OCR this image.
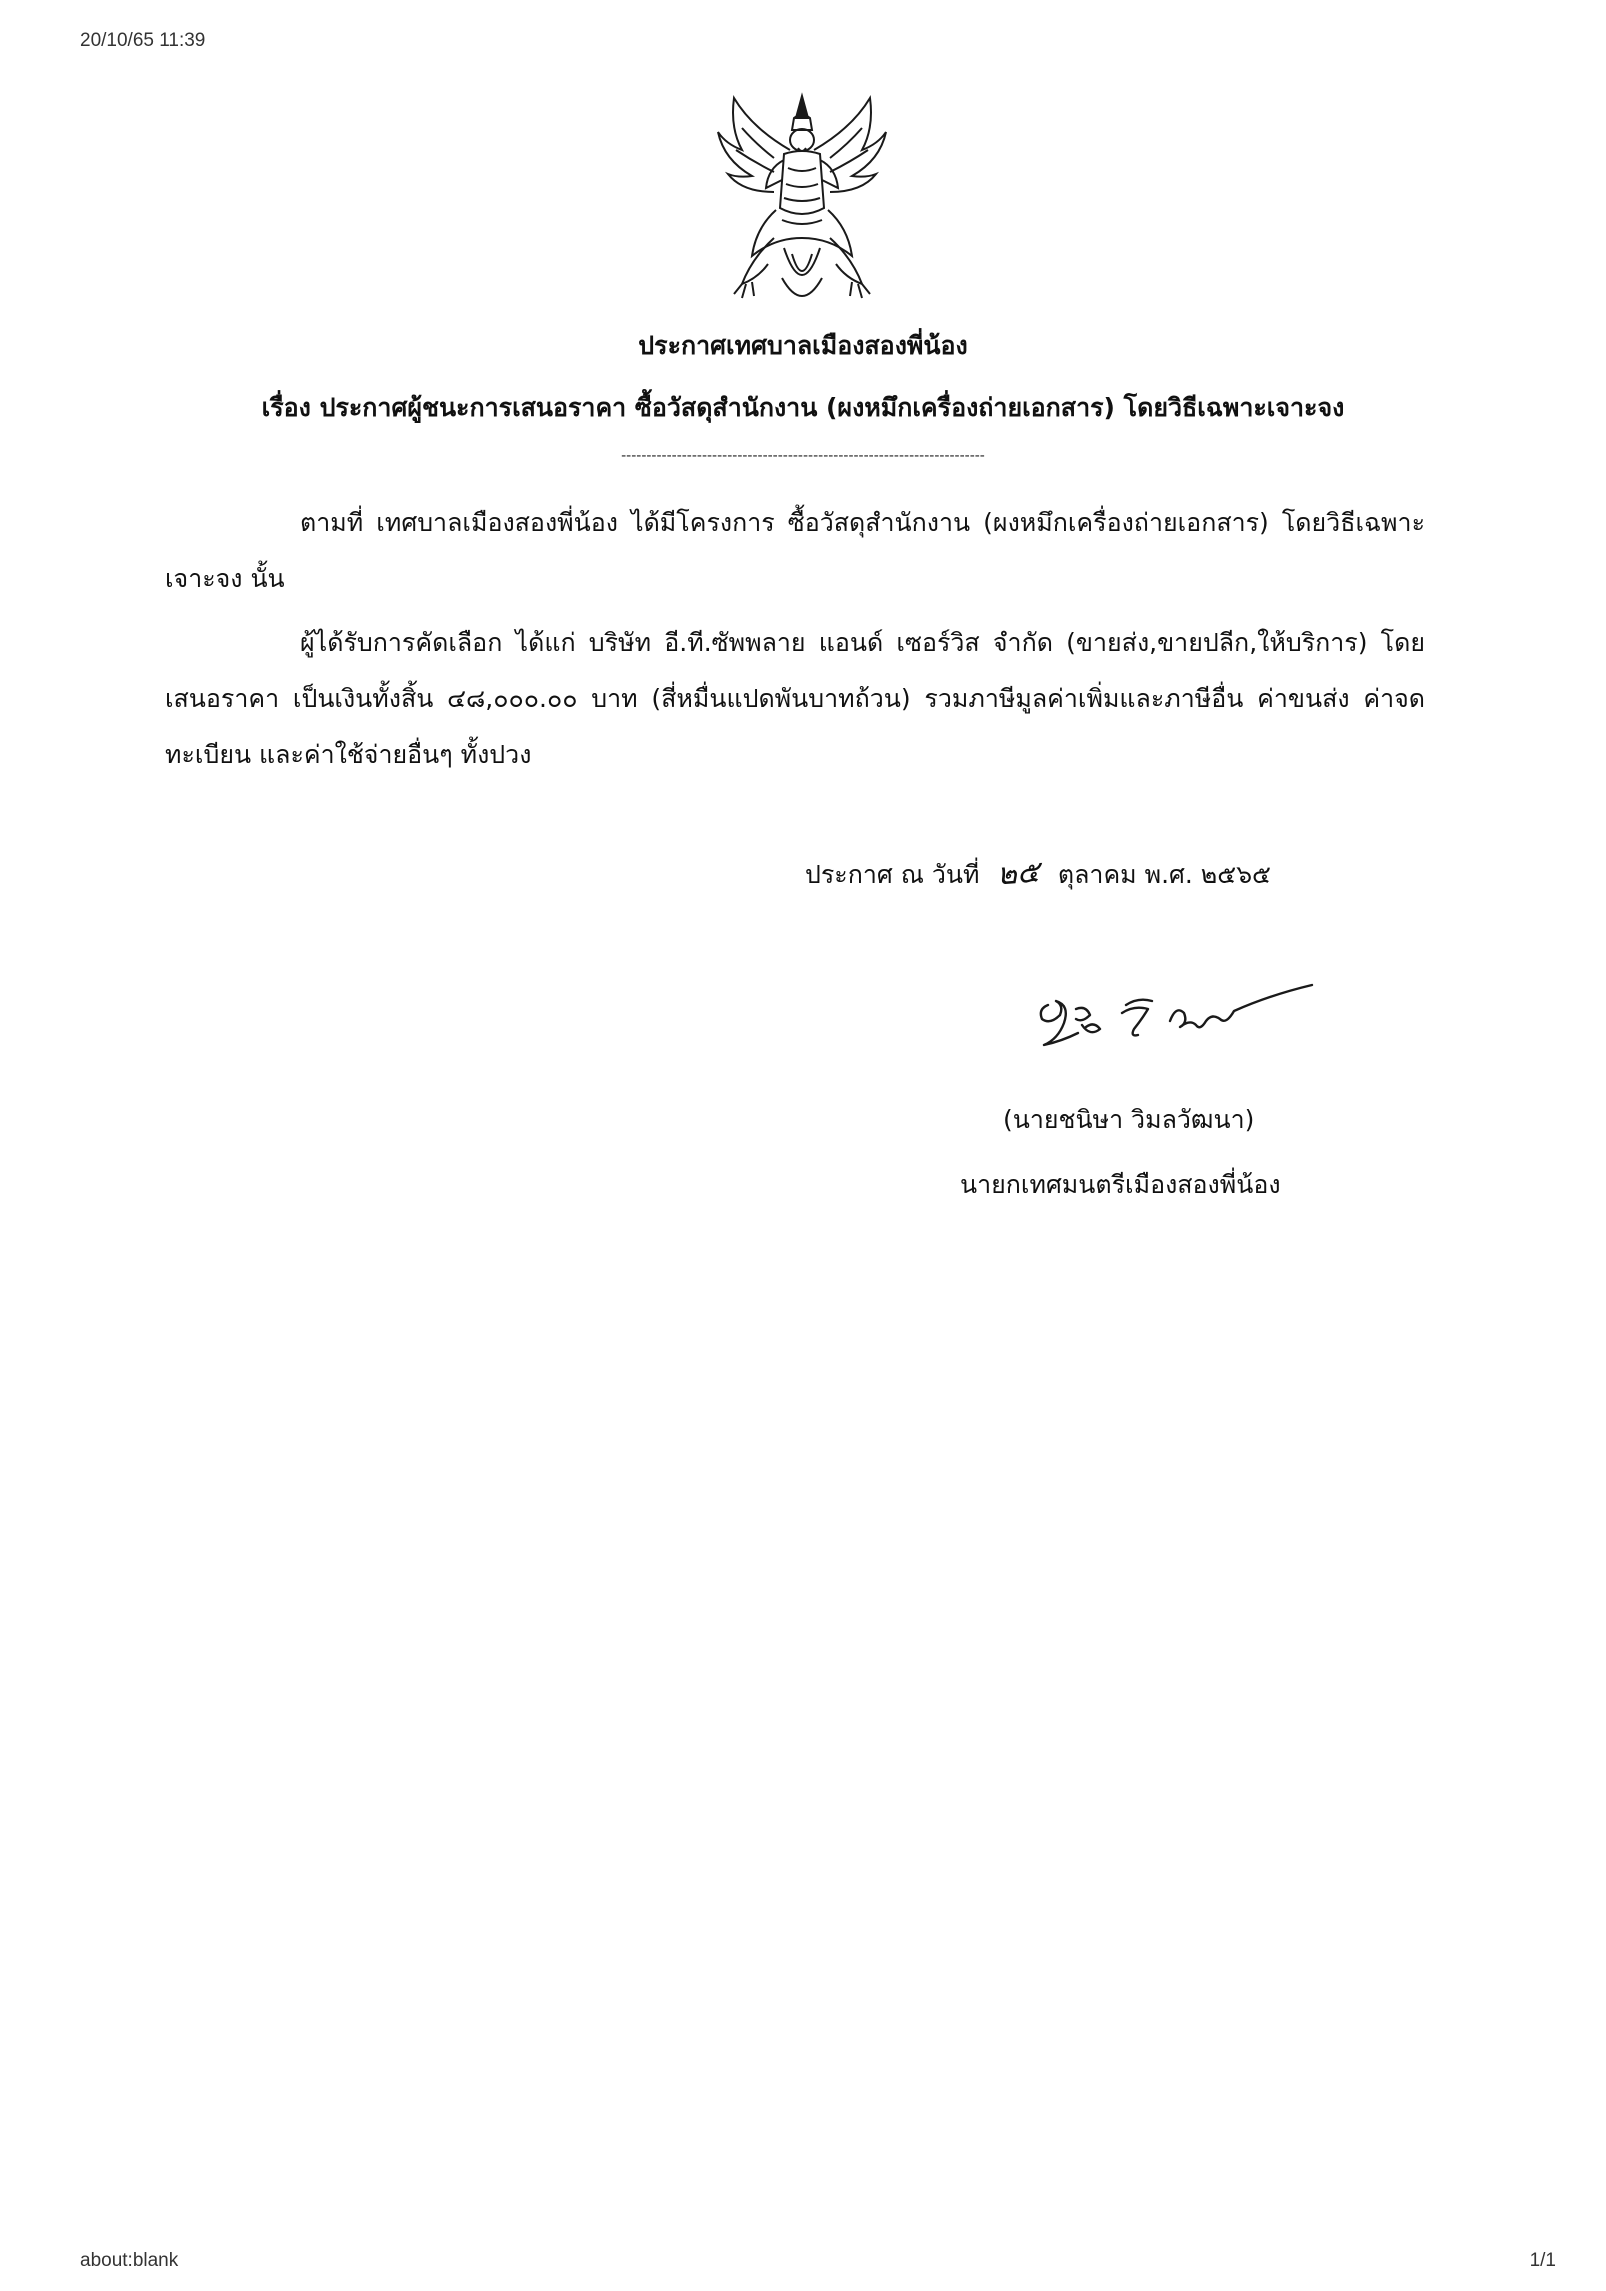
20/10/65 11:39
ประกาศเทศบาลเมืองสองพี่น้อง
เรื่อง ประกาศผู้ชนะการเสนอราคา ซื้อวัสดุสำนักงาน (ผงหมึกเครื่องถ่ายเอกสาร) โดยวิธีเฉพาะเจาะจง
------------------------------------------------------------------------
ตามที่ เทศบาลเมืองสองพี่น้อง ได้มีโครงการ ซื้อวัสดุสำนักงาน (ผงหมึกเครื่องถ่ายเอกสาร) โดยวิธีเฉพาะเจาะจง นั้น
ผู้ได้รับการคัดเลือก ได้แก่ บริษัท อี.ที.ซัพพลาย แอนด์ เซอร์วิส จำกัด (ขายส่ง,ขายปลีก,ให้บริการ) โดยเสนอราคา เป็นเงินทั้งสิ้น ๔๘,๐๐๐.๐๐ บาท (สี่หมื่นแปดพันบาทถ้วน) รวมภาษีมูลค่าเพิ่มและภาษีอื่น ค่าขนส่ง ค่าจดทะเบียน และค่าใช้จ่ายอื่นๆ ทั้งปวง
ประกาศ ณ วันที่ ๒๕ ตุลาคม พ.ศ. ๒๕๖๕
(นายชนิษา วิมลวัฒนา)
นายกเทศมนตรีเมืองสองพี่น้อง
about:blank	1/1
